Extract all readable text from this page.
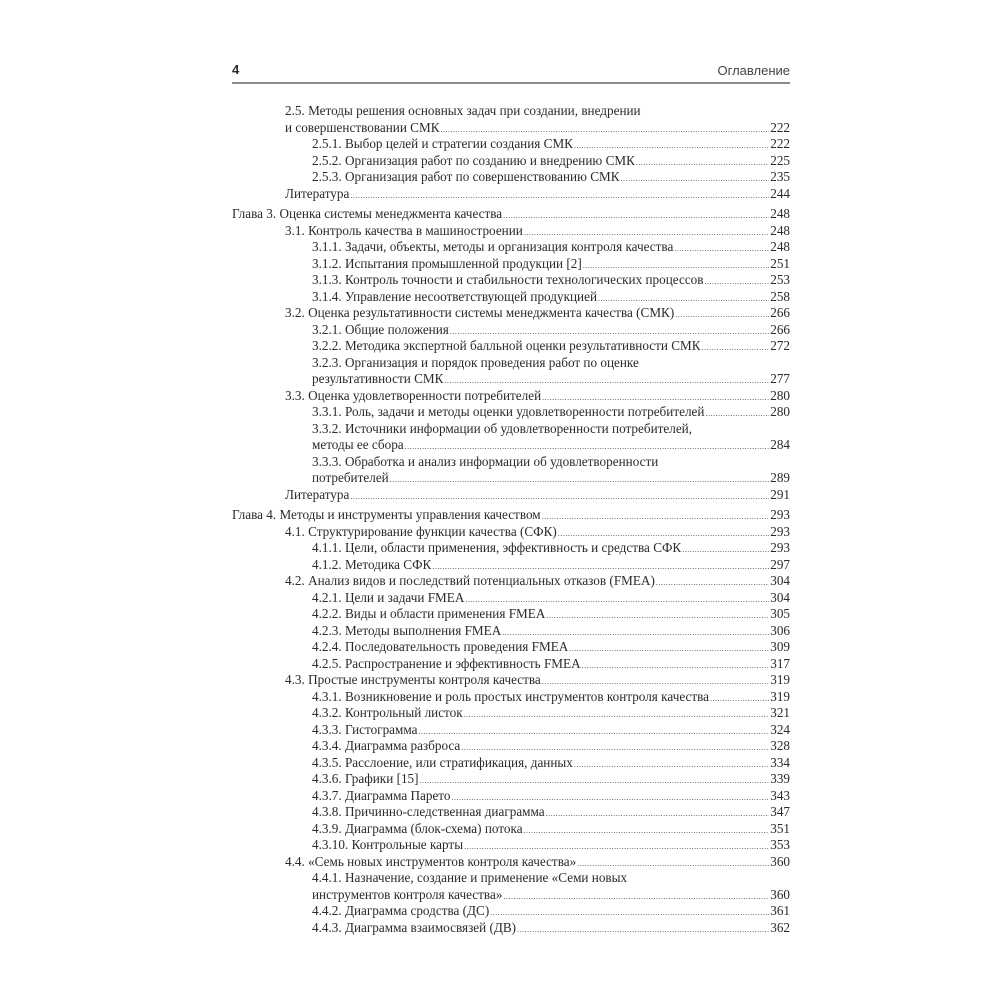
4	Оглавление
2.5. Методы решения основных задач при создании, внедрении
и совершенствовании СМК .....	222
2.5.1. Выбор целей и стратегии создания СМК .....	222
2.5.2. Организация работ по созданию и внедрению СМК .....	225
2.5.3. Организация работ по совершенствованию СМК .....	235
Литература .....	244
Глава 3. Оценка системы менеджмента качества .....	248
3.1. Контроль качества в машиностроении .....	248
3.1.1. Задачи, объекты, методы и организация контроля качества .....	248
3.1.2. Испытания промышленной продукции [2] .....	251
3.1.3. Контроль точности и стабильности технологических процессов .....	253
3.1.4. Управление несоответствующей продукцией .....	258
3.2. Оценка результативности системы менеджмента качества (СМК) .....	266
3.2.1. Общие положения .....	266
3.2.2. Методика экспертной балльной оценки результативности СМК .....	272
3.2.3. Организация и порядок проведения работ по оценке
результативности СМК .....	277
3.3. Оценка удовлетворенности потребителей .....	280
3.3.1. Роль, задачи и методы оценки удовлетворенности потребителей .....	280
3.3.2. Источники информации об удовлетворенности потребителей,
методы ее сбора .....	284
3.3.3. Обработка и анализ информации об удовлетворенности
потребителей .....	289
Литература .....	291
Глава 4. Методы и инструменты управления качеством .....	293
4.1. Структурирование функции качества (СФК) .....	293
4.1.1. Цели, области применения, эффективность и средства СФК .....	293
4.1.2. Методика СФК .....	297
4.2. Анализ видов и последствий потенциальных отказов (FMEA) .....	304
4.2.1. Цели и задачи FMEA .....	304
4.2.2. Виды и области применения FMEA .....	305
4.2.3. Методы выполнения FMEA .....	306
4.2.4. Последовательность проведения FMEA .....	309
4.2.5. Распространение и эффективность FMEA .....	317
4.3. Простые инструменты контроля качества .....	319
4.3.1. Возникновение и роль простых инструментов контроля качества .....	319
4.3.2. Контрольный листок .....	321
4.3.3. Гистограмма .....	324
4.3.4. Диаграмма разброса .....	328
4.3.5. Расслоение, или стратификация, данных .....	334
4.3.6. Графики [15] .....	339
4.3.7. Диаграмма Парето .....	343
4.3.8. Причинно-следственная диаграмма .....	347
4.3.9. Диаграмма (блок-схема) потока .....	351
4.3.10. Контрольные карты .....	353
4.4. «Семь новых инструментов контроля качества» .....	360
4.4.1. Назначение, создание и применение «Семи новых
инструментов контроля качества» .....	360
4.4.2. Диаграмма сродства (ДС) .....	361
4.4.3. Диаграмма взаимосвязей (ДВ) .....	362
